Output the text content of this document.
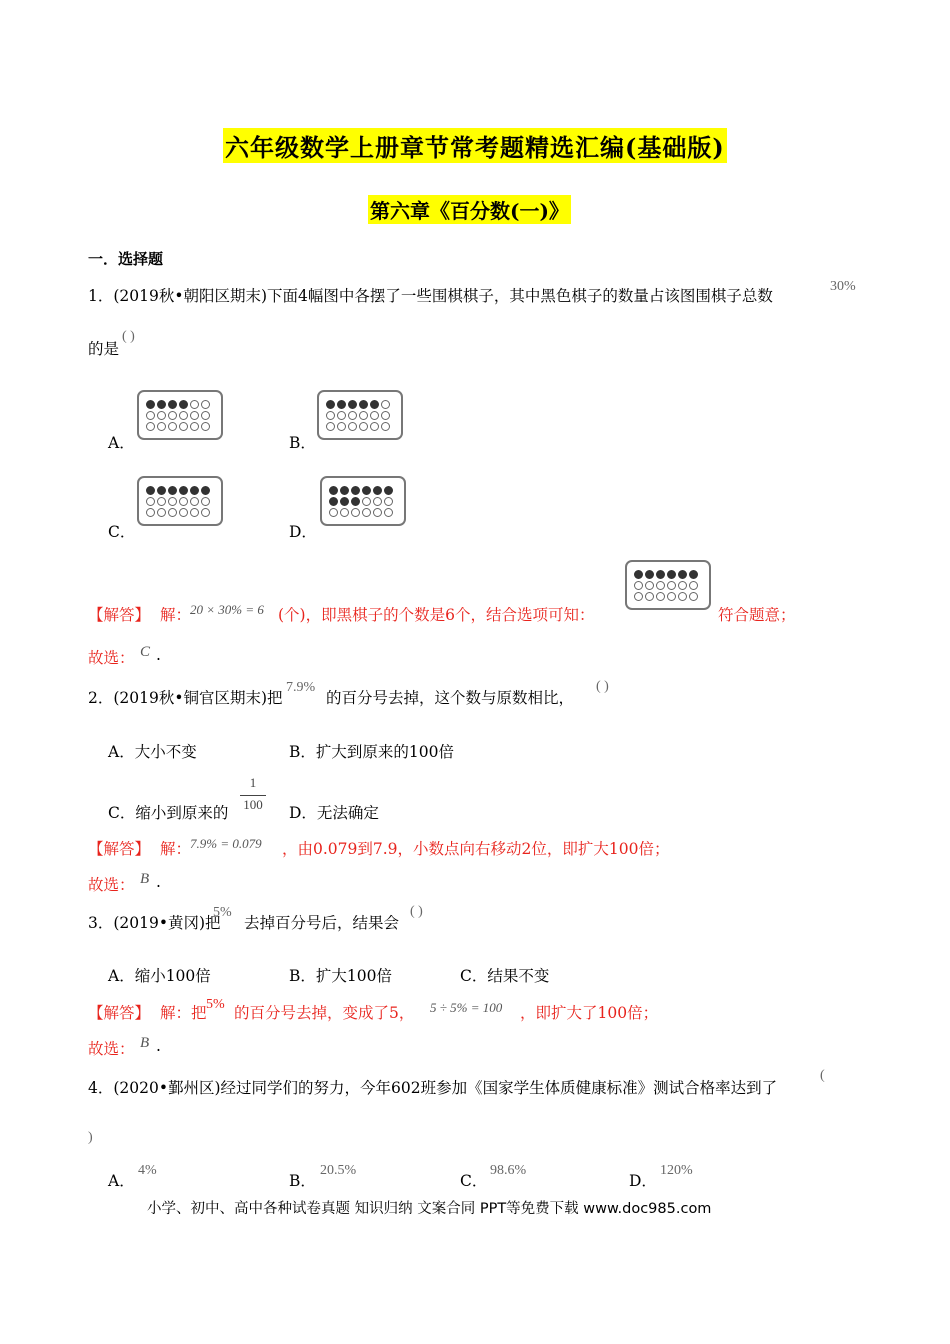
六年级数学上册章节常考题精选汇编(基础版)
第六章《百分数(一)》
一．选择题
1．(2019秋•朝阳区期末)下面4幅图中各摆了一些围棋棋子，其中黑色棋子的数量占该图围棋子总数
30%
的是
( )
A．	B．
C．	D．
【解答】 解：
20 × 30% = 6 (个)，即黑棋子的个数是6个，结合选项可知：	符合题意；
故选： C .
2．(2019秋•铜官区期末)把
7.9%
的百分号去掉，这个数与原数相比，
( )
A．大小不变	B．扩大到原来的100倍
C．缩小到原来的
1
100 D．无法确定
【解答】 解：
7.9% = 0.079 ，由0.079到7.9，小数点向右移动2位，即扩大100倍；
故选： B .
3．(2019•黄冈)把
5%
去掉百分号后，结果会
( )
A．缩小100倍	B．扩大100倍	C．结果不变
【解答】 解：把 5% 的百分号去掉，变成了5， 5 ÷ 5% = 100 ，即扩大了100倍；
故选： B .
4．(2020•鄞州区)经过同学们的努力，今年602班参加《国家学生体质健康标准》测试合格率达到了
(
)
A．
4%
B．
20.5%
C．
98.6%
D．
120%
小学、初中、高中各种试卷真题 知识归纳 文案合同 PPT等免费下载 www.doc985.com
